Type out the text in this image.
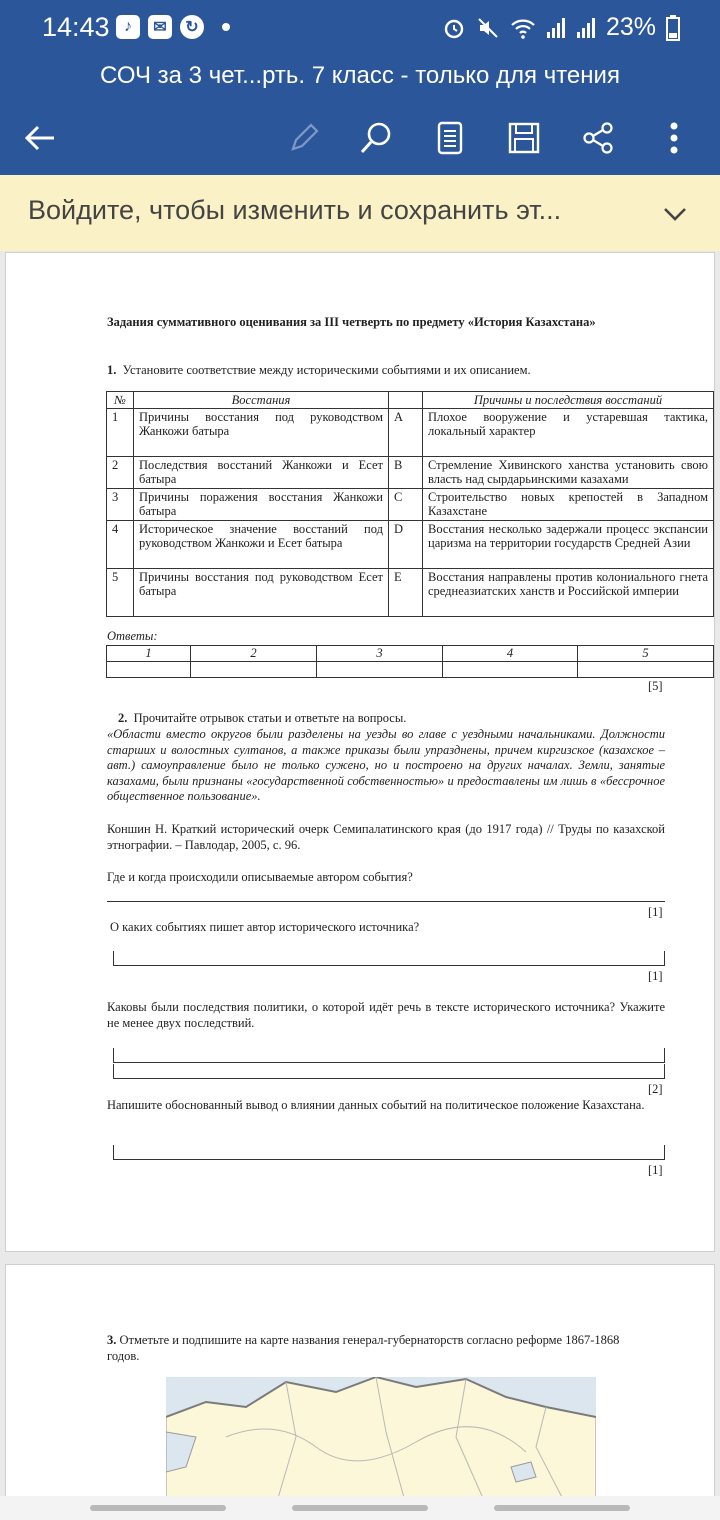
14:43 ♪	✉	↻	23%
СОЧ за 3 чет...рть. 7 класс - только для чтения
Войдите, чтобы изменить и сохранить эт...
Задания суммативного оценивания за III четверть по предмету «История Казахстана»
1. Установите соответствие между историческими событиями и их описанием.
№	Восстания		Причины и последствия восстаний
1	Причины восстания под руководством Жанкожи батыра	A	Плохое вооружение и устаревшая тактика, локальный характер
2	Последствия восстаний Жанкожи и Есет батыра	B	Стремление Хивинского ханства установить свою власть над сырдарьинскими казахами
3	Причины поражения восстания Жанкожи батыра	C	Строительство новых крепостей в Западном Казахстане
4	Историческое значение восстаний под руководством Жанкожи и Есет батыра	D	Восстания несколько задержали процесс экспансии царизма на территории государств Средней Азии
5	Причины восстания под руководством Есет батыра	E	Восстания направлены против колониального гнета среднеазиатских ханств и Российской империи
Ответы:
1	2	3	4	5

[5]
2. Прочитайте отрывок статьи и ответьте на вопросы.
«Области вместо округов были разделены на уезды во главе с уездными начальниками. Должности старших и волостных султанов, а также приказы были упразднены, причем киргизское (казахское – авт.) самоуправление было не только сужено, но и построено на других началах. Земли, занятые казахами, были признаны «государственной собственностью» и предоставлены им лишь в «бессрочное общественное пользование».
Коншин Н. Краткий исторический очерк Семипалатинского края (до 1917 года) // Труды по казахской этнографии. – Павлодар, 2005, с. 96.
Где и когда происходили описываемые автором события?
[1]
О каких событиях пишет автор исторического источника?
[1]
Каковы были последствия политики, о которой идёт речь в тексте исторического источника? Укажите не менее двух последствий.
[2]
Напишите обоснованный вывод о влиянии данных событий на политическое положение Казахстана.
[1]
3. Отметьте и подпишите на карте названия генерал-губернаторств согласно реформе 1867-1868 годов.
